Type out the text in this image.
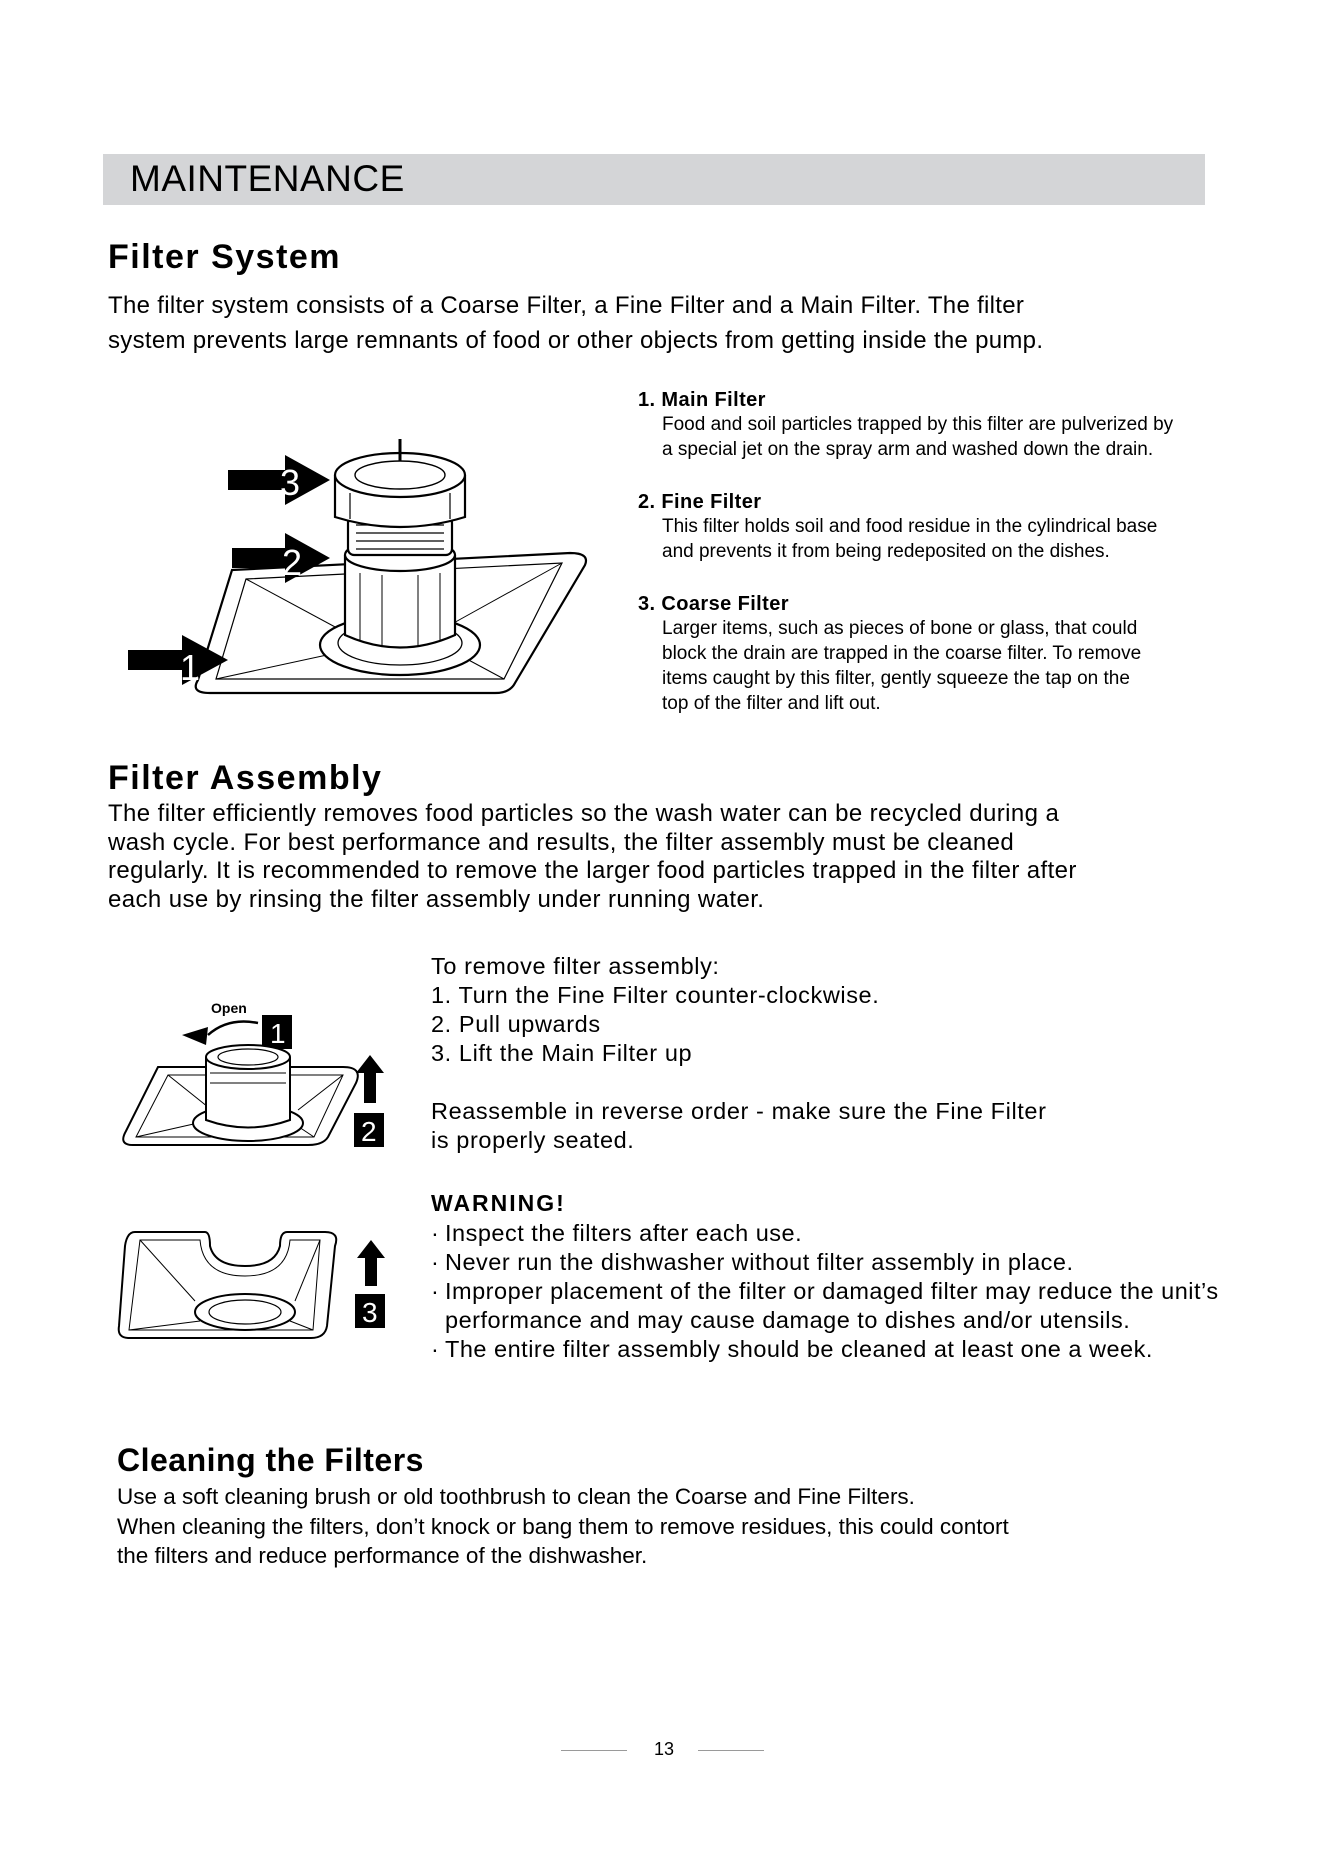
MAINTENANCE
Filter System
The filter system consists of a Coarse Filter, a Fine Filter and a Main Filter. The filter
system prevents large remnants of food or other objects from getting inside the pump.
3
2
1
1. Main Filter
Food and soil particles trapped by this filter are pulverized by
a special jet on the spray arm and washed down the drain.
2. Fine Filter
This filter holds soil and food residue in the cylindrical base
and prevents it from being redeposited on the dishes.
3. Coarse Filter
Larger items, such as pieces of bone or glass, that could
block the drain are trapped in the coarse filter. To remove
items caught by this filter, gently squeeze the tap on the
top of the filter and lift out.
Filter Assembly
The filter efficiently removes food particles so the wash water can be recycled during a
wash cycle. For best performance and results, the filter assembly must be cleaned
regularly. It is recommended to remove the larger food particles trapped in the filter after
each use by rinsing the filter assembly under running water.
Open
1
2
3
To remove filter assembly:
1. Turn the Fine Filter counter-clockwise.
2. Pull upwards
3. Lift the Main Filter up
Reassemble in reverse order - make sure the Fine Filter
is properly seated.
WARNING!
· Inspect the filters after each use.
· Never run the dishwasher without filter assembly in place.
· Improper placement of the filter or damaged filter may reduce the unit’s performance and may cause damage to dishes and/or utensils.
· The entire filter assembly should be cleaned at least one a week.
Cleaning the Filters
Use a soft cleaning brush or old toothbrush to clean the Coarse and Fine Filters.
When cleaning the filters, don’t knock or bang them to remove residues, this could contort
the filters and reduce performance of the dishwasher.
13
